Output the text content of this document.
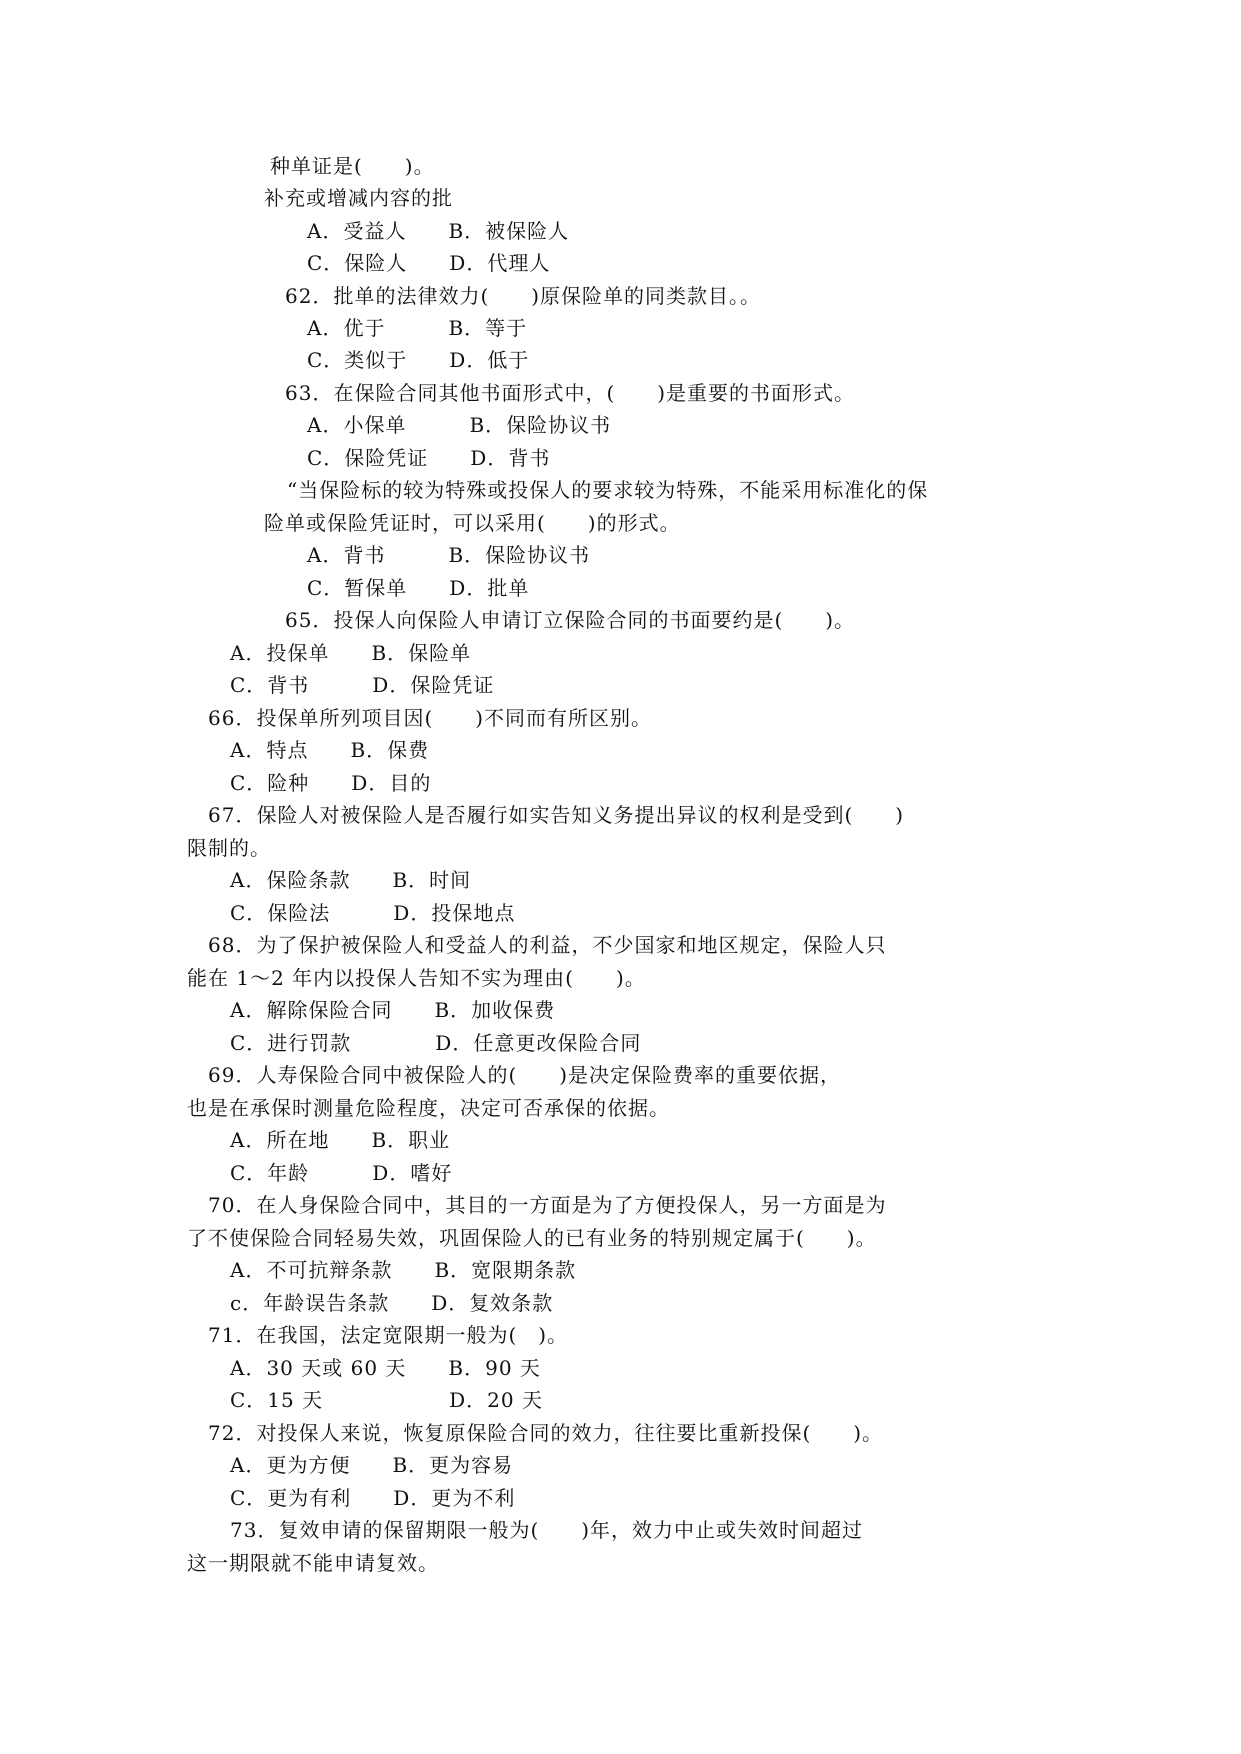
种单证是(　　)。
补充或增减内容的批
A．受益人　　B．被保险人
C．保险人　　D．代理人
62．批单的法律效力(　　)原保险单的同类款目。。
A．优于　　　B．等于
C．类似于　　D．低于
63．在保险合同其他书面形式中，(　　)是重要的书面形式。
A．小保单　　　B．保险协议书
C．保险凭证　　D．背书
“当保险标的较为特殊或投保人的要求较为特殊，不能采用标准化的保
险单或保险凭证时，可以采用(　　)的形式。
A．背书　　　B．保险协议书
C．暂保单　　D．批单
65．投保人向保险人申请订立保险合同的书面要约是(　　)。
A．投保单　　B．保险单
C．背书　　　D．保险凭证
66．投保单所列项目因(　　)不同而有所区别。
A．特点　　B．保费
C．险种　　D．目的
67．保险人对被保险人是否履行如实告知义务提出异议的权利是受到(　　)
限制的。
A．保险条款　　B．时间
C．保险法　　　D．投保地点
68．为了保护被保险人和受益人的利益，不少国家和地区规定，保险人只
能在 1～2 年内以投保人告知不实为理由(　　)。
A．解除保险合同　　B．加收保费
C．进行罚款　　　　D．任意更改保险合同
69．人寿保险合同中被保险人的(　　)是决定保险费率的重要依据，
也是在承保时测量危险程度，决定可否承保的依据。
A．所在地　　B．职业
C．年龄　　　D．嗜好
70．在人身保险合同中，其目的一方面是为了方便投保人，另一方面是为
了不使保险合同轻易失效，巩固保险人的已有业务的特别规定属于(　　)。
A．不可抗辩条款　　B．宽限期条款
c．年龄误告条款　　D．复效条款
71．在我国，法定宽限期一般为(　)。
A．30 天或 60 天　　B．90 天
C．15 天　　　　　　D．20 天
72．对投保人来说，恢复原保险合同的效力，往往要比重新投保(　　)。
A．更为方便　　B．更为容易
C．更为有利　　D．更为不利
73．复效申请的保留期限一般为(　　)年，效力中止或失效时间超过
这一期限就不能申请复效。
